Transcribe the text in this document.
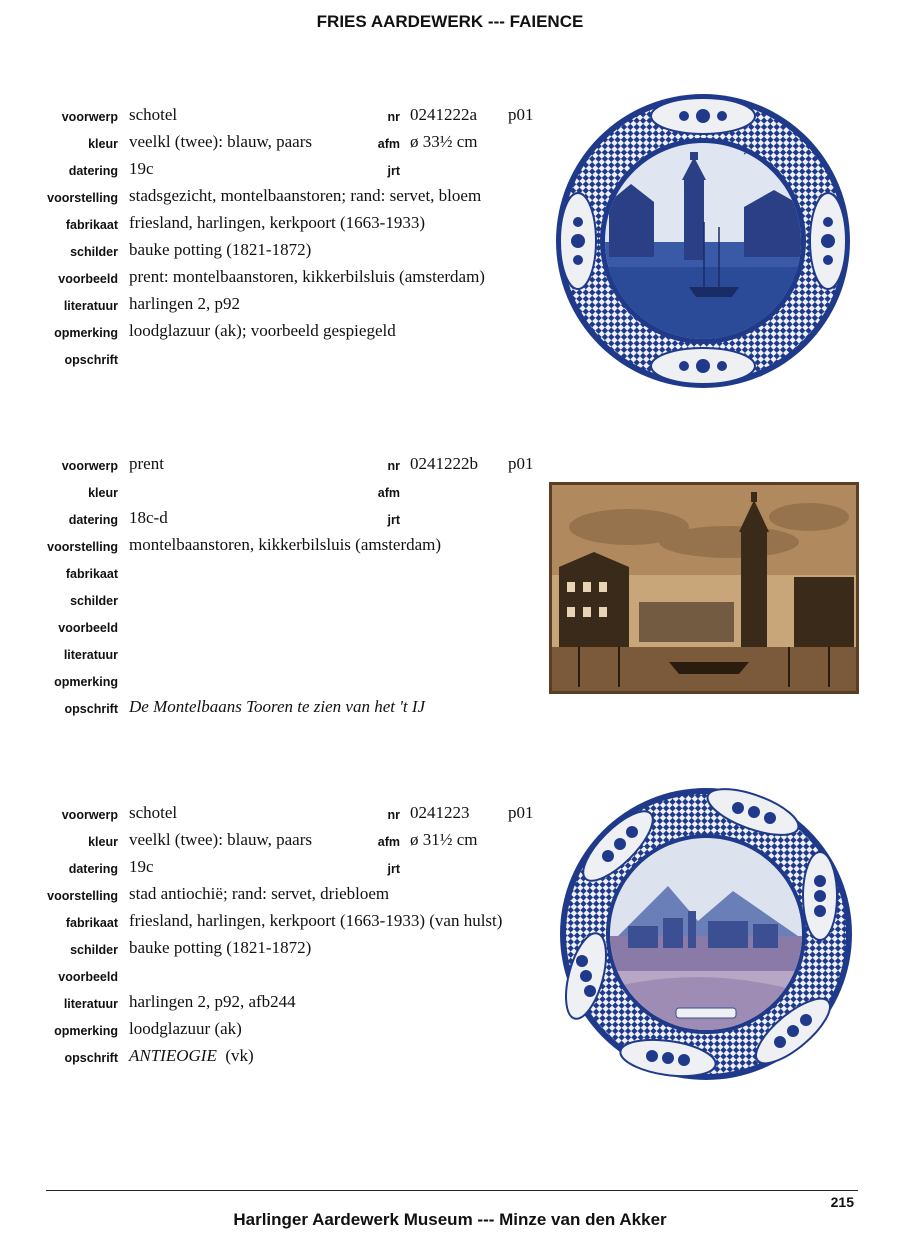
FRIES AARDEWERK --- FAIENCE
voorwerp schotel	nr 0241222a p01
kleur veelkl (twee): blauw, paars	afm ø 33½ cm
datering 19c	jrt
voorstelling stadsgezicht, montelbaanstoren; rand: servet, bloem
fabrikaat friesland, harlingen, kerkpoort (1663-1933)
schilder bauke potting (1821-1872)
voorbeeld prent: montelbaanstoren, kikkerbilsluis (amsterdam)
literatuur harlingen 2, p92
opmerking loodglazuur (ak); voorbeeld gespiegeld
opschrift
voorwerp prent	nr 0241222b p01
kleur	afm
datering 18c-d	jrt
voorstelling montelbaanstoren, kikkerbilsluis (amsterdam)
fabrikaat
schilder
voorbeeld
literatuur
opmerking
opschrift De Montelbaans Tooren te zien van het 't IJ
voorwerp schotel	nr 0241223 p01
kleur veelkl (twee): blauw, paars	afm ø 31½ cm
datering 19c	jrt
voorstelling stad antiochië; rand: servet, driebloem
fabrikaat friesland, harlingen, kerkpoort (1663-1933) (van hulst)
schilder bauke potting (1821-1872)
voorbeeld
literatuur harlingen 2, p92, afb244
opmerking loodglazuur (ak)
opschrift ANTIEOGIE (vk)
215
Harlinger Aardewerk Museum --- Minze van den Akker
